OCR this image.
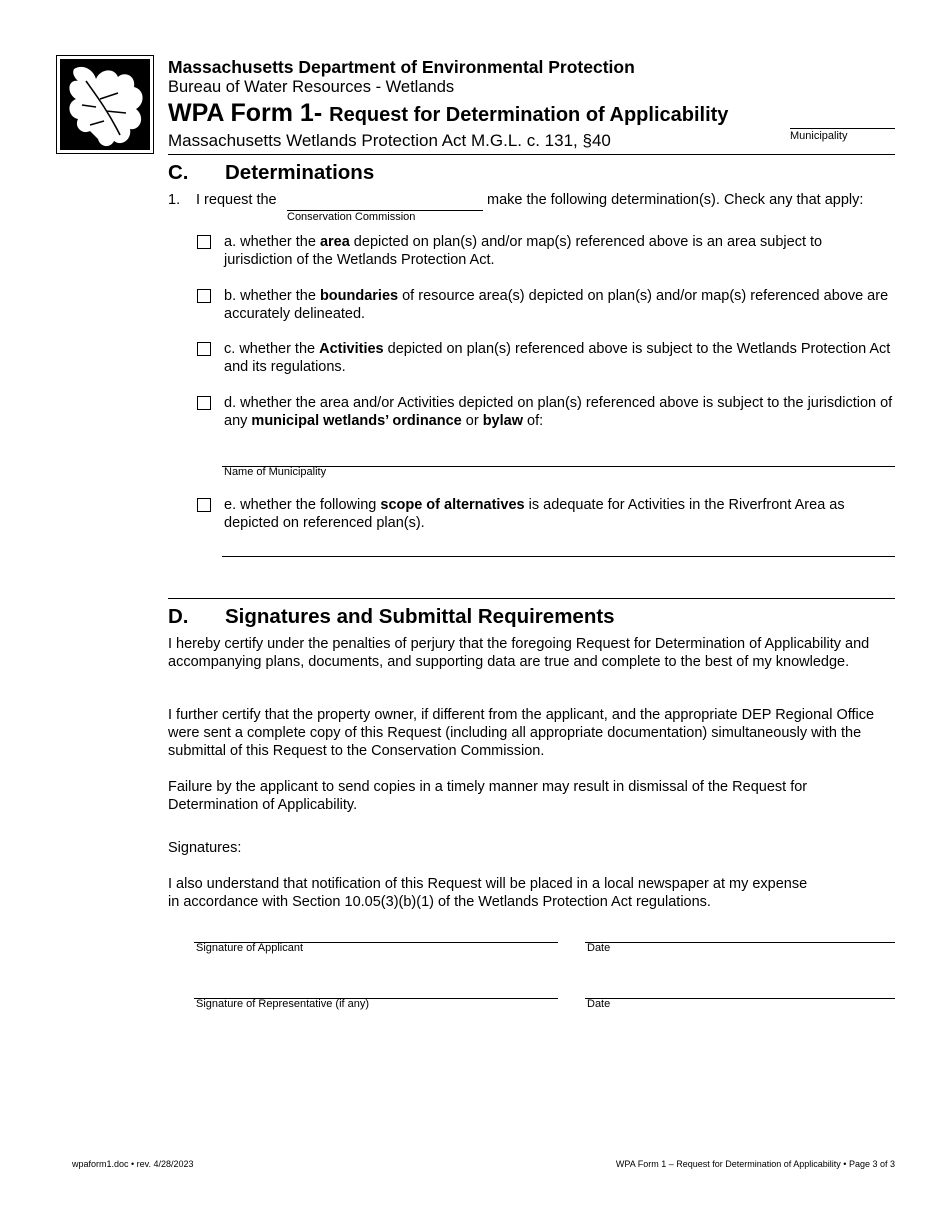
Massachusetts Department of Environmental Protection
Bureau of Water Resources - Wetlands
WPA Form 1- Request for Determination of Applicability
Massachusetts Wetlands Protection Act M.G.L. c. 131, §40	Municipality
C. Determinations
1. I request the
Conservation Commission
make the following determination(s). Check any that apply:
a. whether the area depicted on plan(s) and/or map(s) referenced above is an area subject to jurisdiction of the Wetlands Protection Act.
b. whether the boundaries of resource area(s) depicted on plan(s) and/or map(s) referenced above are accurately delineated.
c. whether the Activities depicted on plan(s) referenced above is subject to the Wetlands Protection Act and its regulations.
d. whether the area and/or Activities depicted on plan(s) referenced above is subject to the jurisdiction of any municipal wetlands’ ordinance or bylaw of:
Name of Municipality
e. whether the following scope of alternatives is adequate for Activities in the Riverfront Area as depicted on referenced plan(s).
D. Signatures and Submittal Requirements
I hereby certify under the penalties of perjury that the foregoing Request for Determination of Applicability and accompanying plans, documents, and supporting data are true and complete to the best of my knowledge.
I further certify that the property owner, if different from the applicant, and the appropriate DEP Regional Office were sent a complete copy of this Request (including all appropriate documentation) simultaneously with the submittal of this Request to the Conservation Commission.
Failure by the applicant to send copies in a timely manner may result in dismissal of the Request for Determination of Applicability.
Signatures:
I also understand that notification of this Request will be placed in a local newspaper at my expense
in accordance with Section 10.05(3)(b)(1) of the Wetlands Protection Act regulations.
Signature of Applicant	Date
Signature of Representative (if any)	Date
wpaform1.doc • rev. 4/28/2023	WPA Form 1 – Request for Determination of Applicability • Page 3 of 3
